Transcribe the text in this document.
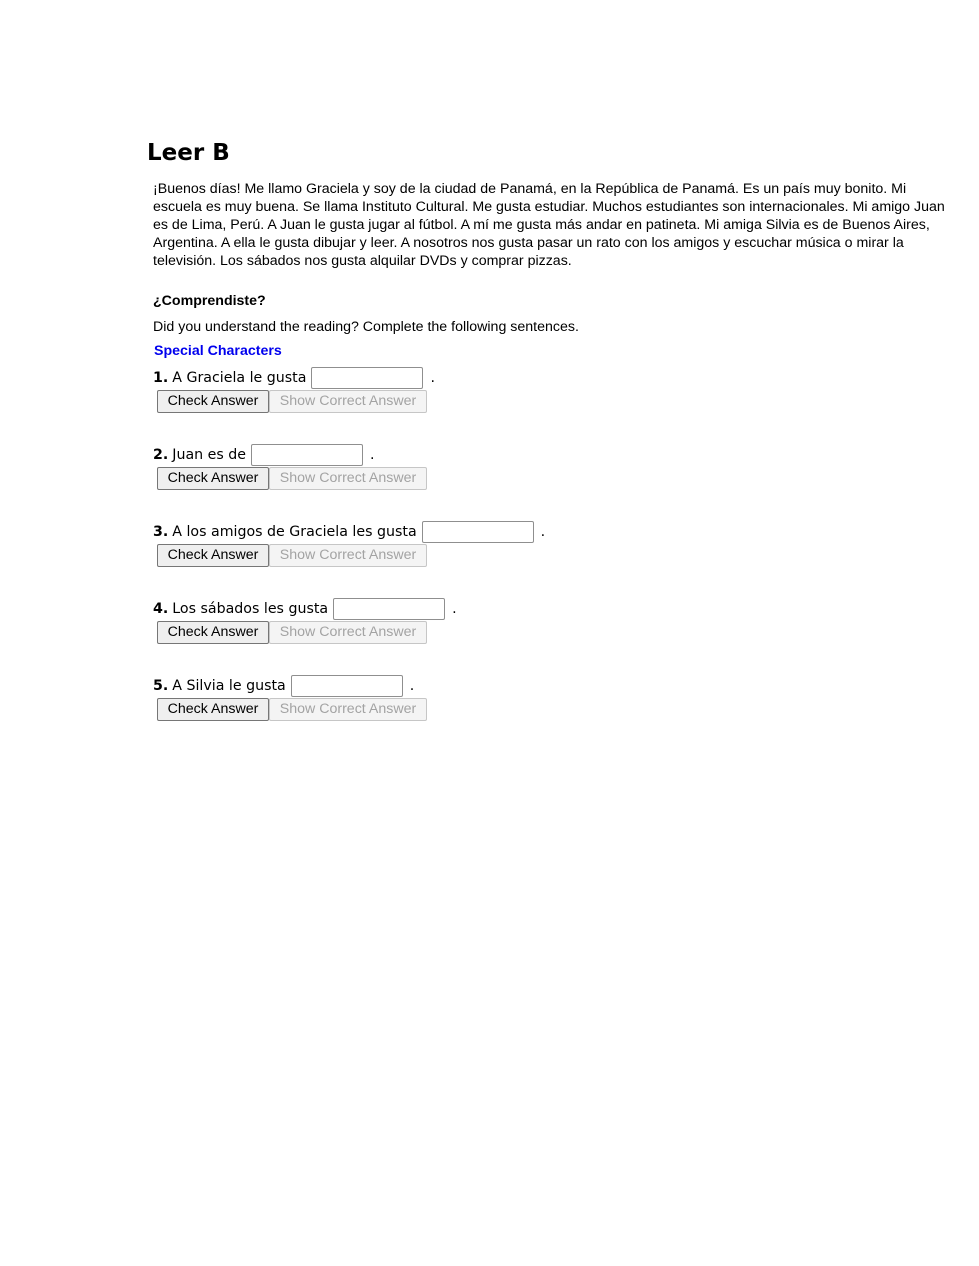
Leer B
¡Buenos días! Me llamo Graciela y soy de la ciudad de Panamá, en la República de Panamá. Es un país muy bonito. Mi escuela es muy buena. Se llama Instituto Cultural. Me gusta estudiar. Muchos estudiantes son internacionales. Mi amigo Juan es de Lima, Perú. A Juan le gusta jugar al fútbol. A mí me gusta más andar en patineta. Mi amiga Silvia es de Buenos Aires, Argentina. A ella le gusta dibujar y leer. A nosotros nos gusta pasar un rato con los amigos y escuchar música o mirar la televisión. Los sábados nos gusta alquilar DVDs y comprar pizzas.
¿Comprendiste?
Did you understand the reading? Complete the following sentences.
Special Characters
1. A Graciela le gusta	.
Check Answer	Show Correct Answer
2. Juan es de	.
Check Answer	Show Correct Answer
3. A los amigos de Graciela les gusta	.
Check Answer	Show Correct Answer
4. Los sábados les gusta	.
Check Answer	Show Correct Answer
5. A Silvia le gusta	.
Check Answer	Show Correct Answer
